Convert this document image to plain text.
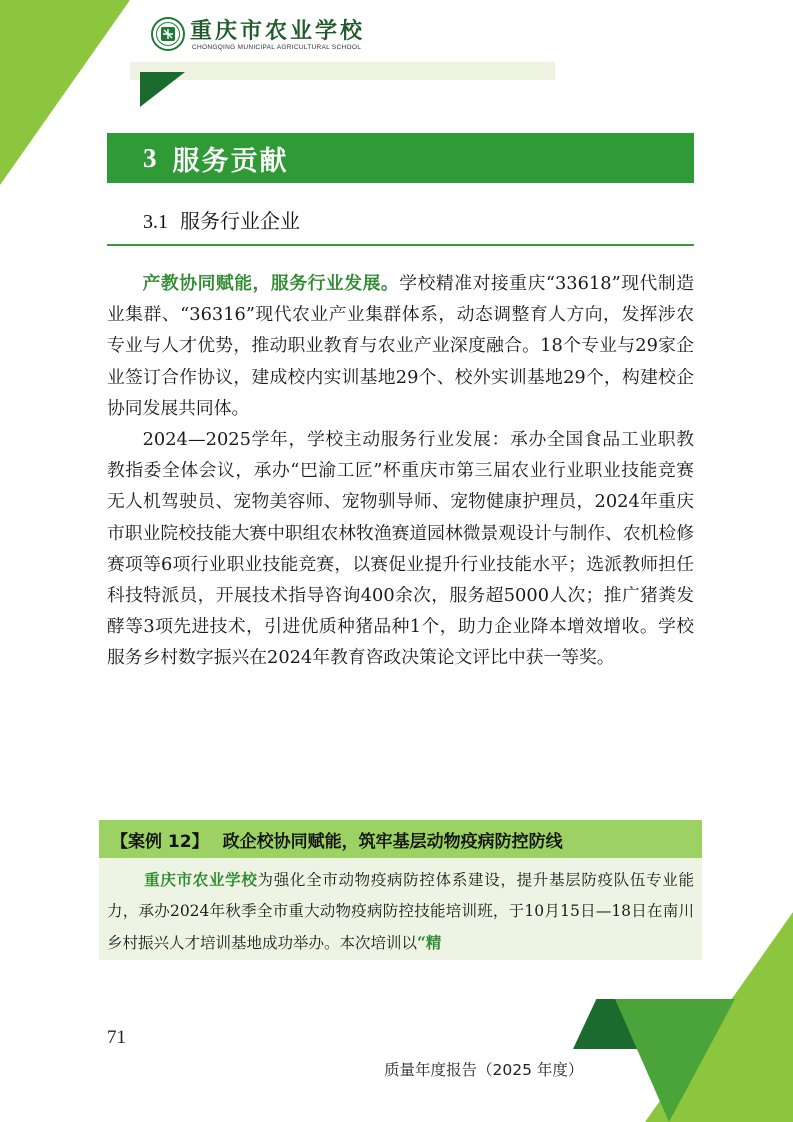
重庆市农业学校
CHONGQING MUNICIPAL AGRICULTURAL SCHOOL
3 服务贡献
3.1 服务行业企业

产教协同赋能，服务行业发展。学校精准对接重庆“33618”现代制造业集群、“36316”现代农业产业集群体系，动态调整育人方向，发挥涉农专业与人才优势，推动职业教育与农业产业深度融合。18个专业与29家企业签订合作协议，建成校内实训基地29个、校外实训基地29个，构建校企协同发展共同体。

2024—2025学年，学校主动服务行业发展：承办全国食品工业职教教指委全体会议，承办“巴渝工匠”杯重庆市第三届农业行业职业技能竞赛无人机驾驶员、宠物美容师、宠物驯导师、宠物健康护理员，2024年重庆市职业院校技能大赛中职组农林牧渔赛道园林微景观设计与制作、农机检修赛项等6项行业职业技能竞赛，以赛促业提升行业技能水平；选派教师担任科技特派员，开展技术指导咨询400余次，服务超5000人次；推广猪粪发酵等3项先进技术，引进优质种猪品种1个，助力企业降本增效增收。学校服务乡村数字振兴在2024年教育咨政决策论文评比中获一等奖。

【案例 12】 政企校协同赋能，筑牢基层动物疫病防控防线

重庆市农业学校为强化全市动物疫病防控体系建设，提升基层防疫队伍专业能力，承办2024年秋季全市重大动物疫病防控技能培训班，于10月15日—18日在南川乡村振兴人才培训基地成功举办。本次培训以“精

71
质量年度报告（2025 年度）
